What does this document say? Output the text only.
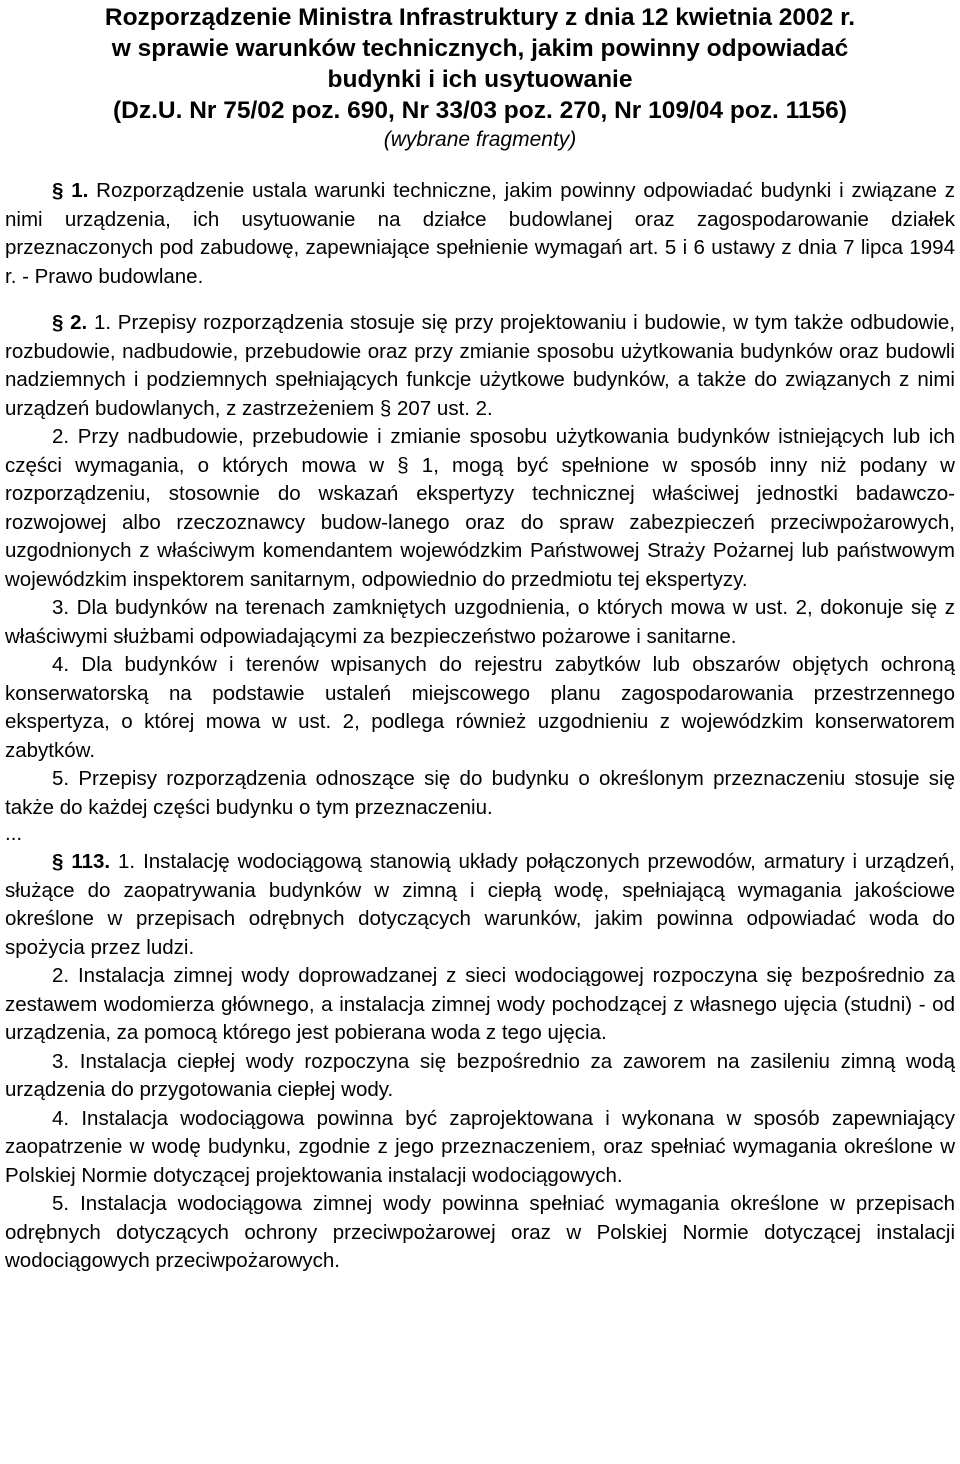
Rozporządzenie Ministra Infrastruktury z dnia 12 kwietnia 2002 r.
w sprawie warunków technicznych, jakim powinny odpowiadać
budynki i ich usytuowanie
(Dz.U. Nr 75/02 poz. 690, Nr 33/03 poz. 270, Nr 109/04 poz. 1156)
(wybrane fragmenty)

§ 1. Rozporządzenie ustala warunki techniczne, jakim powinny odpowiadać budynki i związane z nimi urządzenia, ich usytuowanie na działce budowlanej oraz zagospodarowanie działek przeznaczonych pod zabudowę, zapewniające spełnienie wymagań art. 5 i 6 ustawy z dnia 7 lipca 1994 r. - Prawo budowlane.

§ 2. 1. Przepisy rozporządzenia stosuje się przy projektowaniu i budowie, w tym także odbudowie, rozbudowie, nadbudowie, przebudowie oraz przy zmianie sposobu użytkowania budynków oraz budowli nadziemnych i podziemnych spełniających funkcje użytkowe budynków, a także do związanych z nimi urządzeń budowlanych, z zastrzeżeniem § 207 ust. 2.

2. Przy nadbudowie, przebudowie i zmianie sposobu użytkowania budynków istniejących lub ich części wymagania, o których mowa w § 1, mogą być spełnione w sposób inny niż podany w rozporządzeniu, stosownie do wskazań ekspertyzy technicznej właściwej jednostki badawczo-rozwojowej albo rzeczoznawcy budow-lanego oraz do spraw zabezpieczeń przeciwpożarowych, uzgodnionych z właściwym komendantem wojewódzkim Państwowej Straży Pożarnej lub państwowym wojewódzkim inspektorem sanitarnym, odpowiednio do przedmiotu tej ekspertyzy.

3. Dla budynków na terenach zamkniętych uzgodnienia, o których mowa w ust. 2, dokonuje się z właściwymi służbami odpowiadającymi za bezpieczeństwo pożarowe i sanitarne.

4. Dla budynków i terenów wpisanych do rejestru zabytków lub obszarów objętych ochroną konserwatorską na podstawie ustaleń miejscowego planu zagospodarowania przestrzennego ekspertyza, o której mowa w ust. 2, podlega również uzgodnieniu z wojewódzkim konserwatorem zabytków.

5. Przepisy rozporządzenia odnoszące się do budynku o określonym przeznaczeniu stosuje się także do każdej części budynku o tym przeznaczeniu.

...

§ 113. 1. Instalację wodociągową stanowią układy połączonych przewodów, armatury i urządzeń, służące do zaopatrywania budynków w zimną i ciepłą wodę, spełniającą wymagania jakościowe określone w przepisach odrębnych dotyczących warunków, jakim powinna odpowiadać woda do spożycia przez ludzi.

2. Instalacja zimnej wody doprowadzanej z sieci wodociągowej rozpoczyna się bezpośrednio za zestawem wodomierza głównego, a instalacja zimnej wody pochodzącej z własnego ujęcia (studni) - od urządzenia, za pomocą którego jest pobierana woda z tego ujęcia.

3. Instalacja ciepłej wody rozpoczyna się bezpośrednio za zaworem na zasileniu zimną wodą urządzenia do przygotowania ciepłej wody.

4. Instalacja wodociągowa powinna być zaprojektowana i wykonana w sposób zapewniający zaopatrzenie w wodę budynku, zgodnie z jego przeznaczeniem, oraz spełniać wymagania określone w Polskiej Normie dotyczącej projektowania instalacji wodociągowych.

5. Instalacja wodociągowa zimnej wody powinna spełniać wymagania określone w przepisach odrębnych dotyczących ochrony przeciwpożarowej oraz w Polskiej Normie dotyczącej instalacji wodociągowych przeciwpożarowych.
